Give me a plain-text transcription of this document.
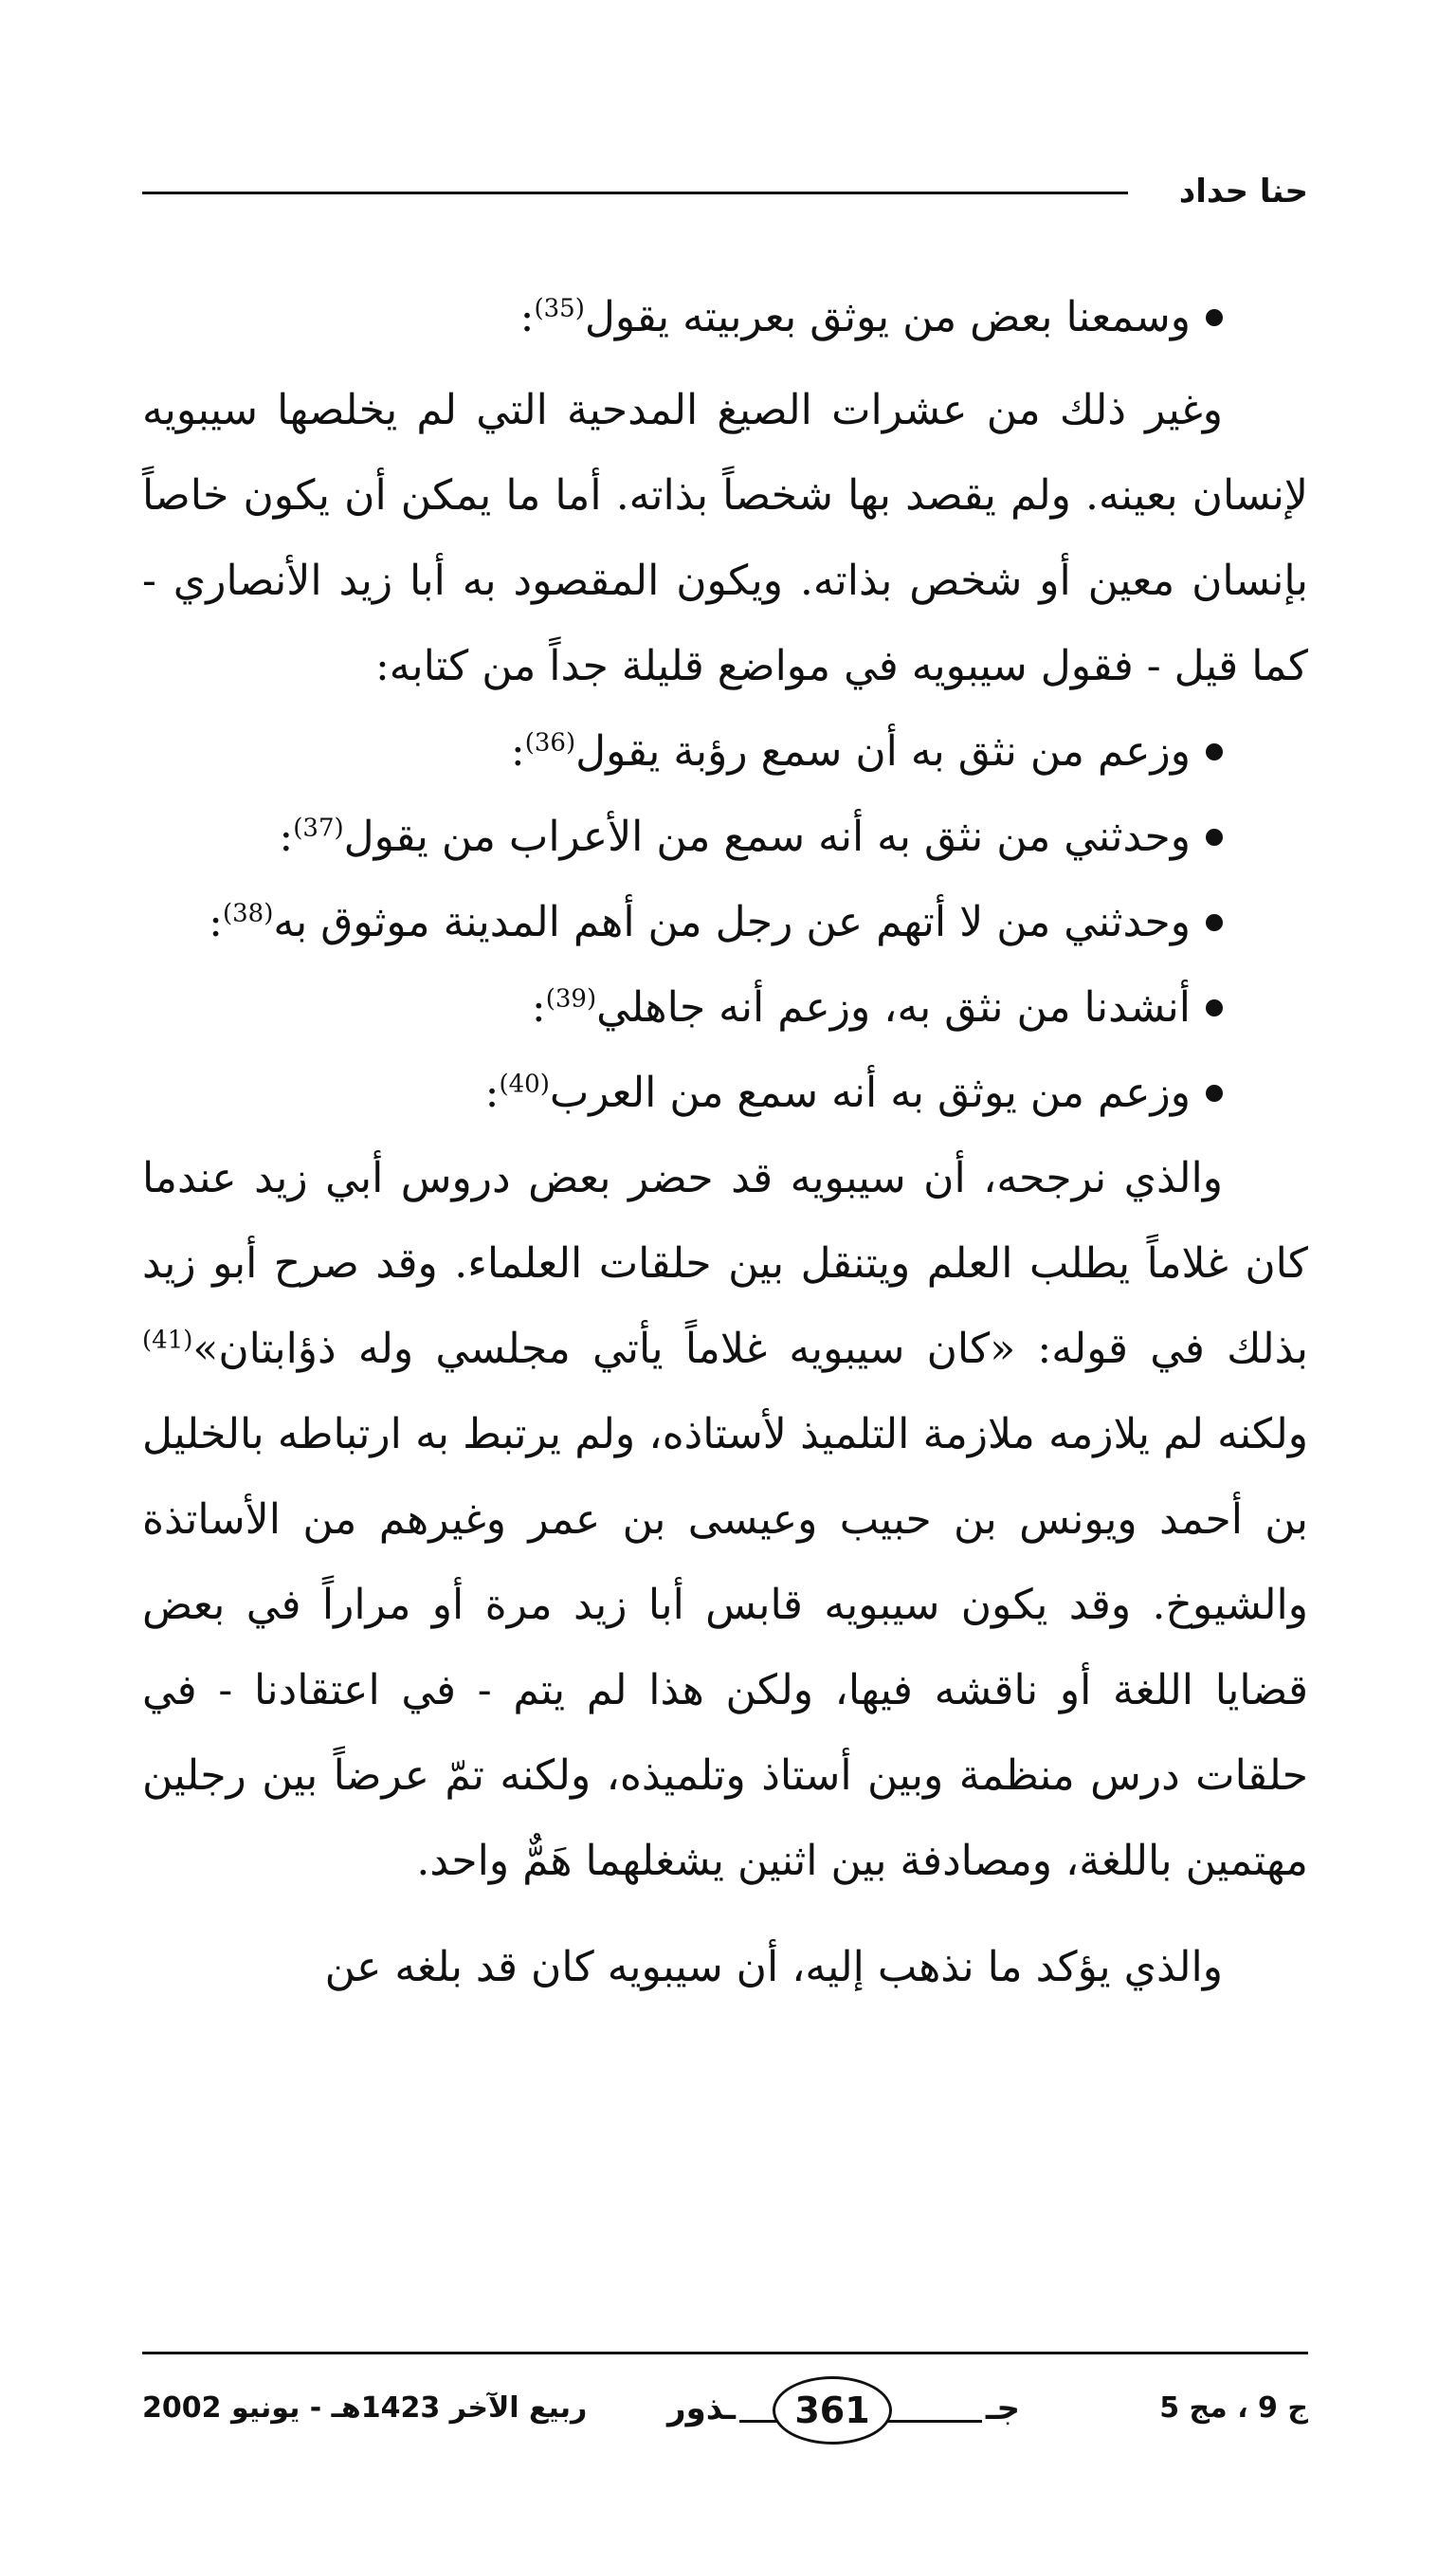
حنا حداد

وسمعنا بعض من يوثق بعربيته يقول$^{(35)}$:

وغير ذلك من عشرات الصيغ المدحية التي لم يخلصها سيبويه لإنسان بعينه. ولم يقصد بها شخصاً بذاته. أما ما يمكن أن يكون خاصاً بإنسان معين أو شخص بذاته. ويكون المقصود به أبا زيد الأنصاري - كما قيل - فقول سيبويه في مواضع قليلة جداً من كتابه:

وزعم من نثق به أن سمع رؤبة يقول$^{(36)}$:

وحدثني من نثق به أنه سمع من الأعراب من يقول$^{(37)}$:

وحدثني من لا أتهم عن رجل من أهم المدينة موثوق به$^{(38)}$:

أنشدنا من نثق به، وزعم أنه جاهلي$^{(39)}$:

وزعم من يوثق به أنه سمع من العرب$^{(40)}$:

والذي نرجحه، أن سيبويه قد حضر بعض دروس أبي زيد عندما كان غلاماً يطلب العلم ويتنقل بين حلقات العلماء. وقد صرح أبو زيد بذلك في قوله: «كان سيبويه غلاماً يأتي مجلسي وله ذؤابتان»$^{(41)}$ ولكنه لم يلازمه ملازمة التلميذ لأستاذه، ولم يرتبط به ارتباطه بالخليل بن أحمد ويونس بن حبيب وعيسى بن عمر وغيرهم من الأساتذة والشيوخ. وقد يكون سيبويه قابس أبا زيد مرة أو مراراً في بعض قضايا اللغة أو ناقشه فيها، ولكن هذا لم يتم - في اعتقادنا - في حلقات درس منظمة وبين أستاذ وتلميذه، ولكنه تمّ عرضاً بين رجلين مهتمين باللغة، ومصادفة بين اثنين يشغلهما هَمٌّ واحد.

والذي يؤكد ما نذهب إليه، أن سيبويه كان قد بلغه عن

ج 9 ، مج 5
جـ
361
ـذور
ربيع الآخر 1423هـ - يونيو 2002
